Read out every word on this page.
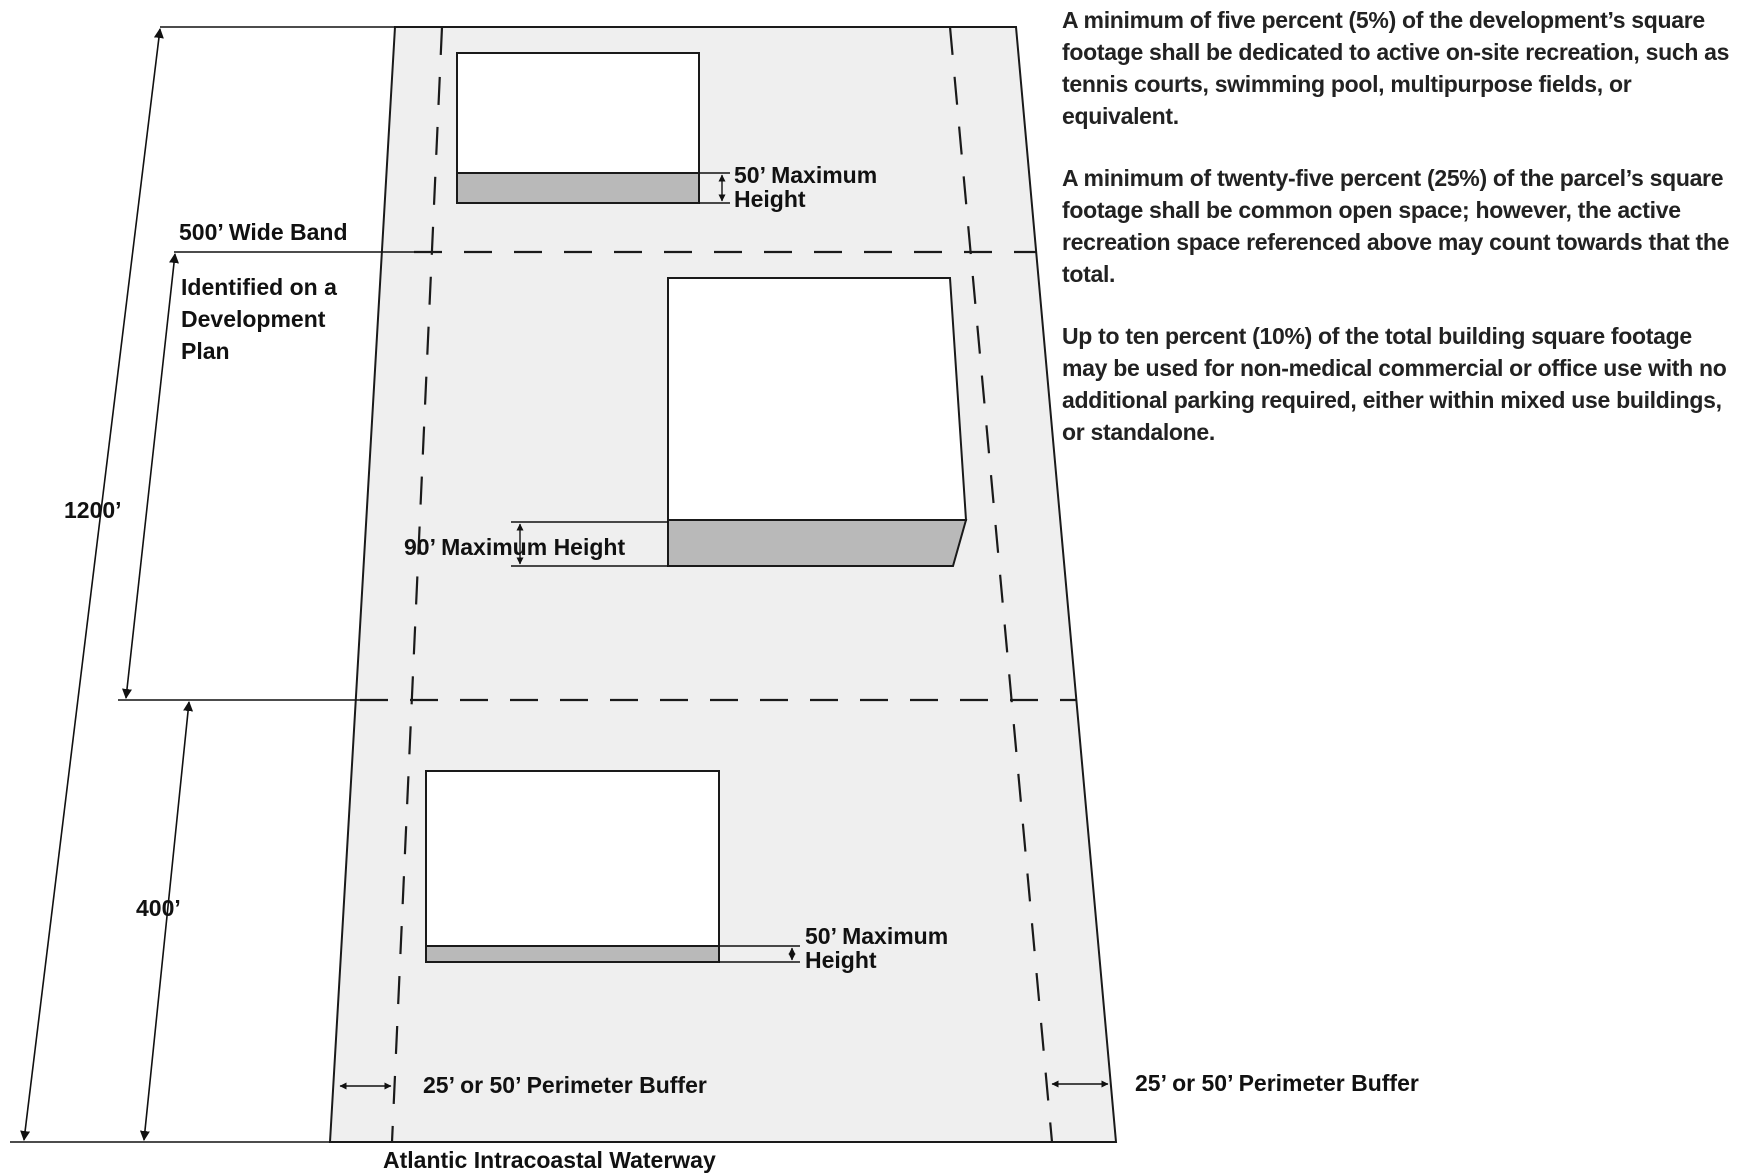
500’ Wide Band
Identified on a
Development
Plan
1200’
400’
50’ Maximum
Height
90’ Maximum Height
50’ Maximum
Height
25’ or 50’ Perimeter Buffer	25’ or 50’ Perimeter Buffer
Atlantic Intracoastal Waterway

A minimum of five percent (5%) of the development’s square footage shall be dedicated to active on-site recreation, such as tennis courts, swimming pool, multipurpose fields, or equivalent.

A minimum of twenty-five percent (25%) of the parcel’s square footage shall be common open space; however, the active recreation space referenced above may count towards that the total.

Up to ten percent (10%) of the total building square footage may be used for non-medical commercial or office use with no additional parking required, either within mixed use buildings, or standalone.
